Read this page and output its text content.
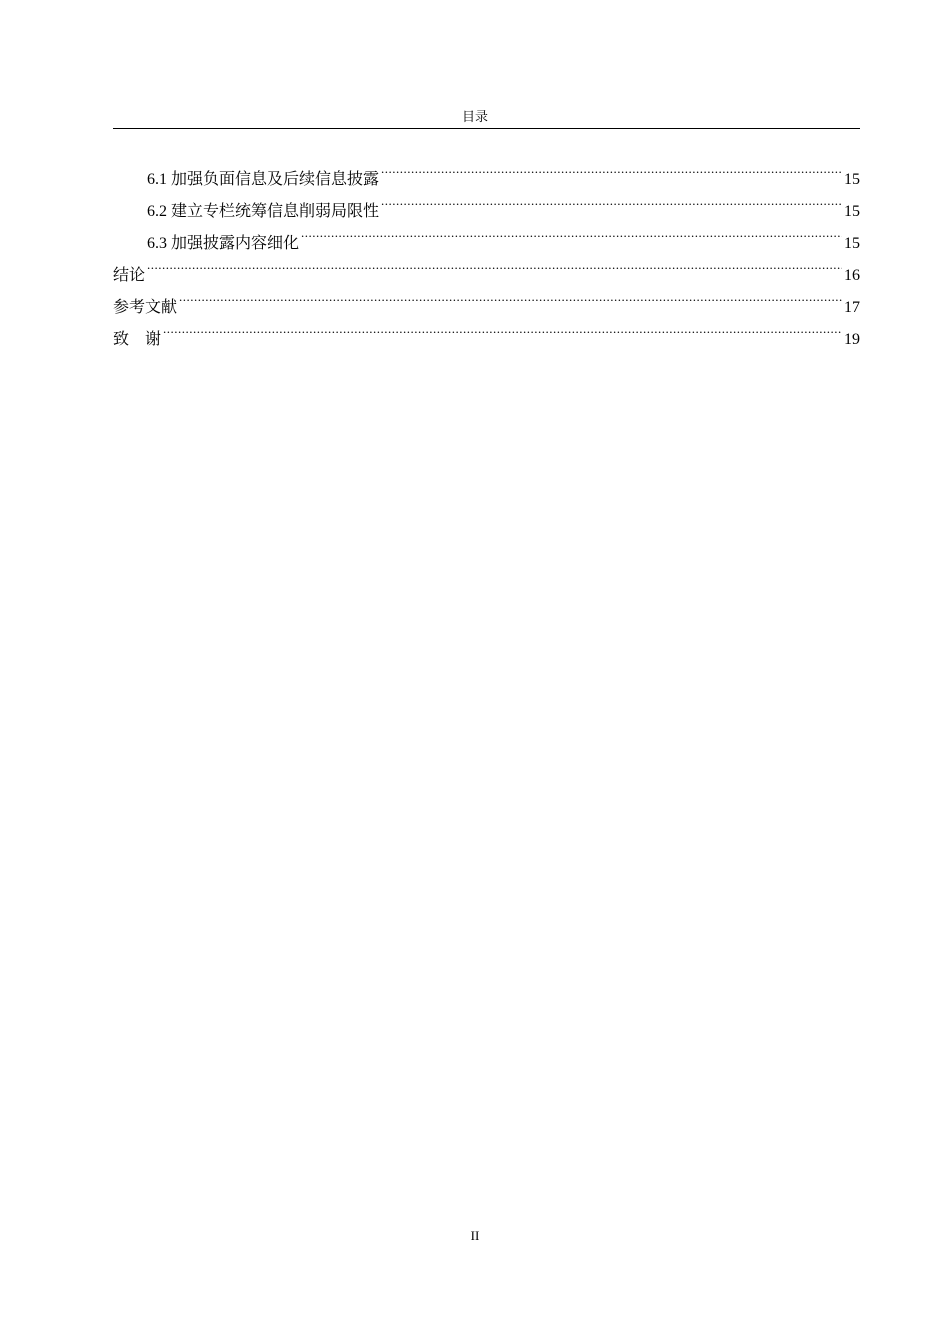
目录
6.1 加强负面信息及后续信息披露 .....	15
6.2 建立专栏统筹信息削弱局限性 .....	15
6.3 加强披露内容细化 .....	15
结论 .....	16
参考文献 .....	17
致　谢 .....	19
II
